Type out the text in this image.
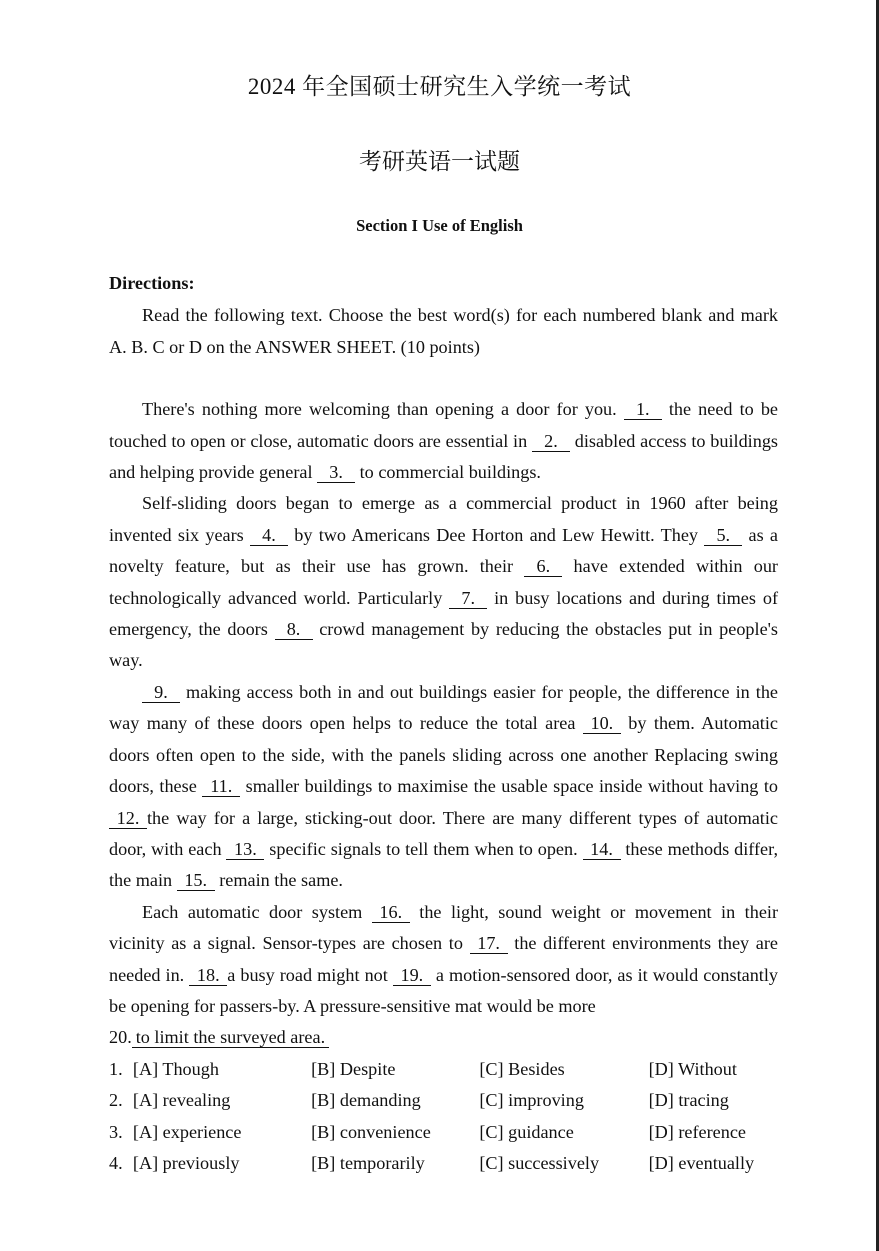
2024 年全国硕士研究生入学统一考试
考研英语一试题
Section I Use of English
Directions:

Read the following text. Choose the best word(s) for each numbered blank and mark A. B. C or D on the ANSWER SHEET. (10 points)

There's nothing more welcoming than opening a door for you. 1. the need to be touched to open or close, automatic doors are essential in 2. disabled access to buildings and helping provide general 3. to commercial buildings.

Self-sliding doors began to emerge as a commercial product in 1960 after being invented six years 4. by two Americans Dee Horton and Lew Hewitt. They 5. as a novelty feature, but as their use has grown. their 6. have extended within our technologically advanced world. Particularly 7. in busy locations and during times of emergency, the doors 8. crowd management by reducing the obstacles put in people's way.

9. making access both in and out buildings easier for people, the difference in the way many of these doors open helps to reduce the total area 10. by them. Automatic doors often open to the side, with the panels sliding across one another Replacing swing doors, these 11. smaller buildings to maximise the usable space inside without having to 12. the way for a large, sticking-out door. There are many different types of automatic door, with each 13. specific signals to tell them when to open. 14. these methods differ, the main 15. remain the same.

Each automatic door system 16. the light, sound weight or movement in their vicinity as a signal. Sensor-types are chosen to 17. the different environments they are needed in. 18. a busy road might not 19. a motion-sensored door, as it would constantly be opening for passers-by. A pressure-sensitive mat would be more

20.to limit the surveyed area.

1. [A] Though	[B] Despite	[C] Besides	[D] Without
2. [A] revealing	[B] demanding	[C] improving	[D] tracing
3. [A] experience	[B] convenience	[C] guidance	[D] reference
4. [A] previously	[B] temporarily	[C] successively	[D] eventually
